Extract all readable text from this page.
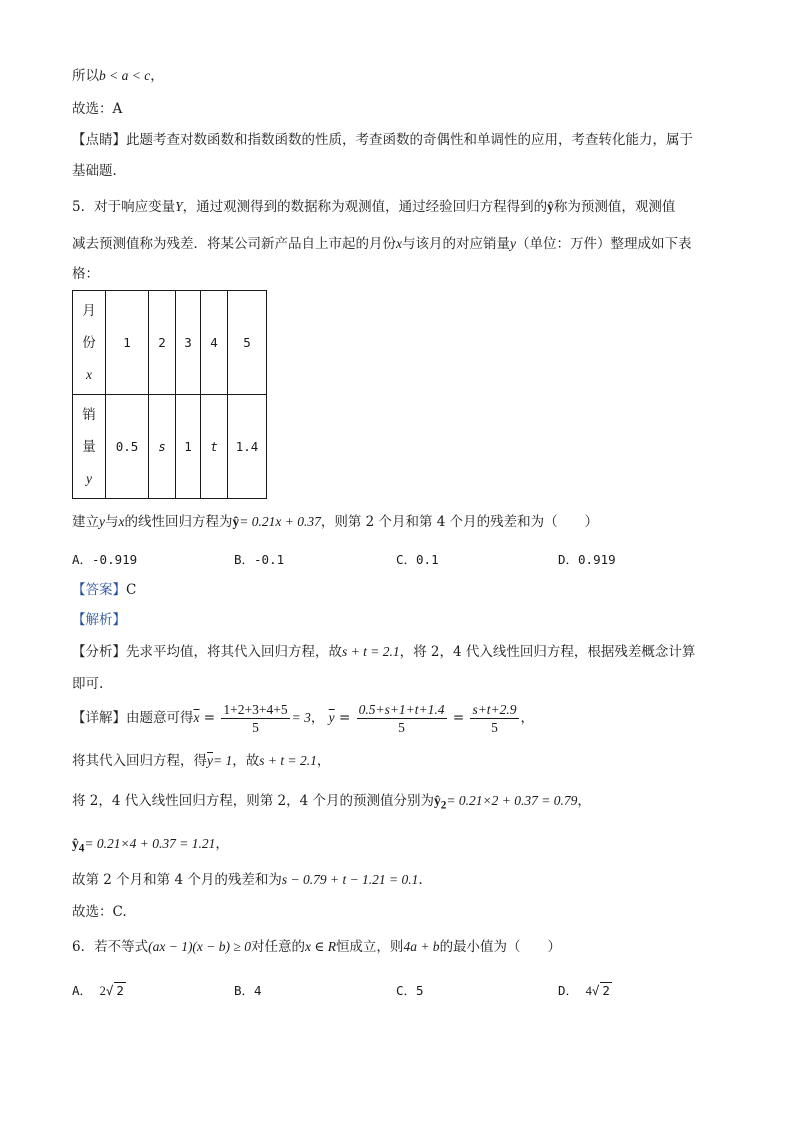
所以b < a < c，
故选：A
【点睛】此题考查对数函数和指数函数的性质，考查函数的奇偶性和单调性的应用，考查转化能力，属于
基础题.
5．对于响应变量Y，通过观测得到的数据称为观测值，通过经验回归方程得到的ŷ称为预测值，观测值
减去预测值称为残差．将某公司新产品自上市起的月份x与该月的对应销量y（单位：万件）整理成如下表
格：
月
份
x	1	2	3	4	5

销
量
y	0.5	s	1	t	1.4
建立y与x的线性回归方程为ŷ= 0.21x + 0.37，则第 2 个月和第 4 个月的残差和为（　　）
A．-0.919	B．-0.1	C．0.1	D．0.919
【答案】C
【解析】
【分析】先求平均值，将其代入回归方程，故s + t = 2.1，将 2，4 代入线性回归方程，根据残差概念计算
即可.
【详解】由题意可得$\overline{x} = \frac{1+2+3+4+5}{5} = 3$， $\overline{y} = \frac{0.5+s+1+t+1.4}{5} = \frac{s+t+2.9}{5}$ ，
将其代入回归方程，得$\overline{y}= 1$，故s + t = 2.1，
将 2，4 代入线性回归方程，则第 2，4 个月的预测值分别为$ŷ_2= 0.21\times 2 + 0.37 = 0.79$，
$ŷ_4= 0.21\times 4 + 0.37 = 1.21$，
故第 2 个月和第 4 个月的残差和为s − 0.79 + t − 1.21 = 0.1.
故选：C.
6．若不等式(ax − 1)(x − b) ≥ 0对任意的x ∈ R恒成立，则4a + b的最小值为（　　）
A． 2√ 2	B．4	C．5	D． 4√ 2
